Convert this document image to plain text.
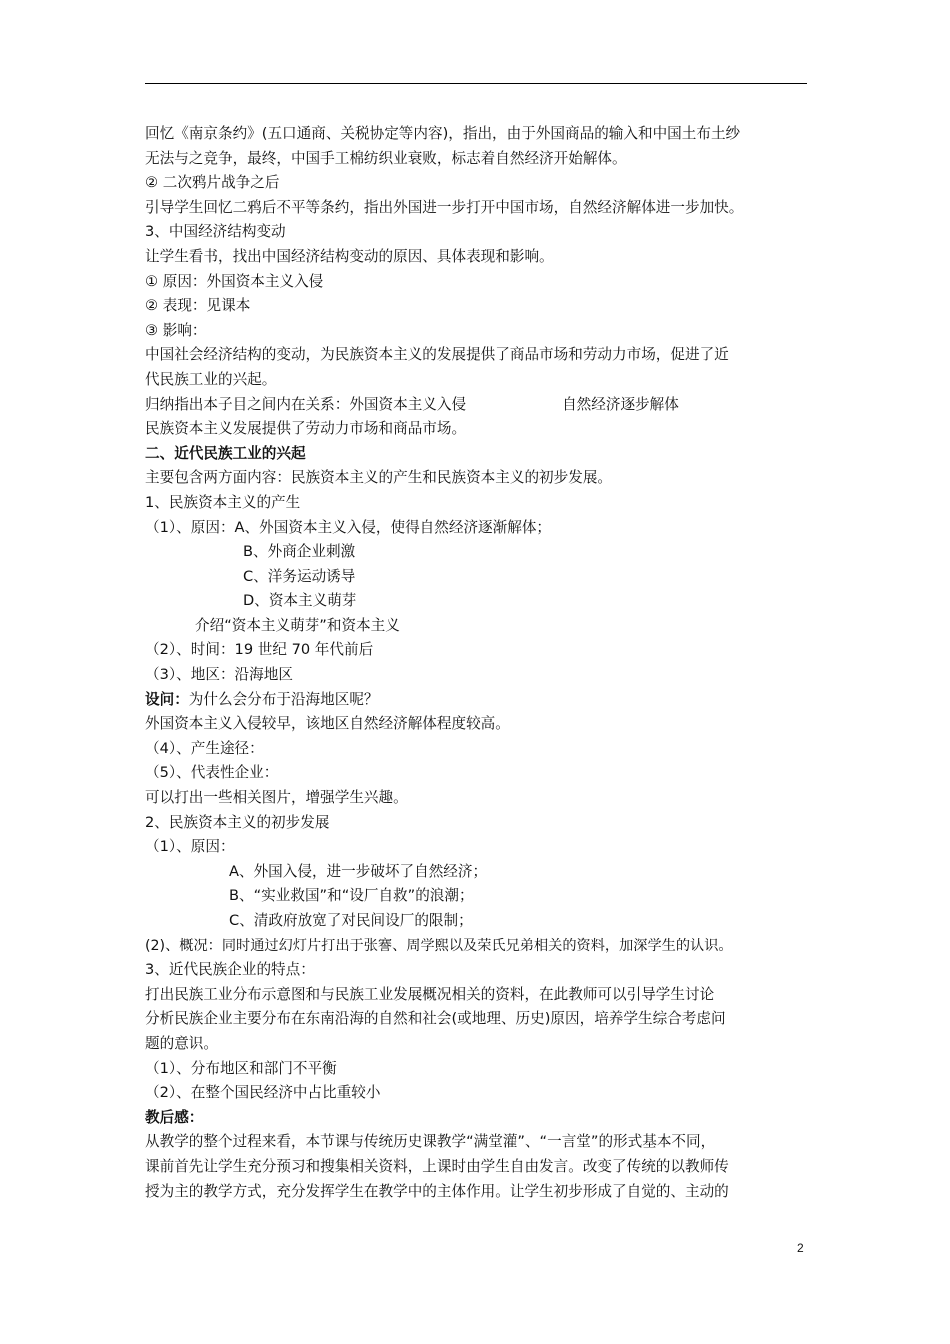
回忆《南京条约》(五口通商、关税协定等内容)，指出，由于外国商品的输入和中国土布土纱
无法与之竞争，最终，中国手工棉纺织业衰败，标志着自然经济开始解体。
② 二次鸦片战争之后
引导学生回忆二鸦后不平等条约，指出外国进一步打开中国市场，自然经济解体进一步加快。
3、中国经济结构变动
让学生看书，找出中国经济结构变动的原因、具体表现和影响。
① 原因：外国资本主义入侵
② 表现：见课本
③ 影响：
中国社会经济结构的变动，为民族资本主义的发展提供了商品市场和劳动力市场，促进了近
代民族工业的兴起。
归纳指出本子目之间内在关系：外国资本主义入侵	自然经济逐步解体
民族资本主义发展提供了劳动力市场和商品市场。
二、近代民族工业的兴起
主要包含两方面内容：民族资本主义的产生和民族资本主义的初步发展。
1、民族资本主义的产生
（1）、原因：A、外国资本主义入侵，使得自然经济逐渐解体；
B、外商企业刺激
C、洋务运动诱导
D、资本主义萌芽
介绍“资本主义萌芽”和资本主义
（2）、时间：19 世纪 70 年代前后
（3）、地区：沿海地区
设问：为什么会分布于沿海地区呢？
外国资本主义入侵较早，该地区自然经济解体程度较高。
（4）、产生途径：
（5）、代表性企业：
可以打出一些相关图片，增强学生兴趣。
2、民族资本主义的初步发展
（1）、原因：
A、外国入侵，进一步破坏了自然经济；
B、“实业救国”和“设厂自救”的浪潮；
C、清政府放宽了对民间设厂的限制；
(2)、概况：同时通过幻灯片打出于张謇、周学熙以及荣氏兄弟相关的资料，加深学生的认识。
3、近代民族企业的特点：
打出民族工业分布示意图和与民族工业发展概况相关的资料，在此教师可以引导学生讨论
分析民族企业主要分布在东南沿海的自然和社会(或地理、历史)原因，培养学生综合考虑问
题的意识。
（1）、分布地区和部门不平衡
（2）、在整个国民经济中占比重较小
教后感：
从教学的整个过程来看，本节课与传统历史课教学“满堂灌”、“一言堂”的形式基本不同，
课前首先让学生充分预习和搜集相关资料，上课时由学生自由发言。改变了传统的以教师传
授为主的教学方式，充分发挥学生在教学中的主体作用。让学生初步形成了自觉的、主动的
2
